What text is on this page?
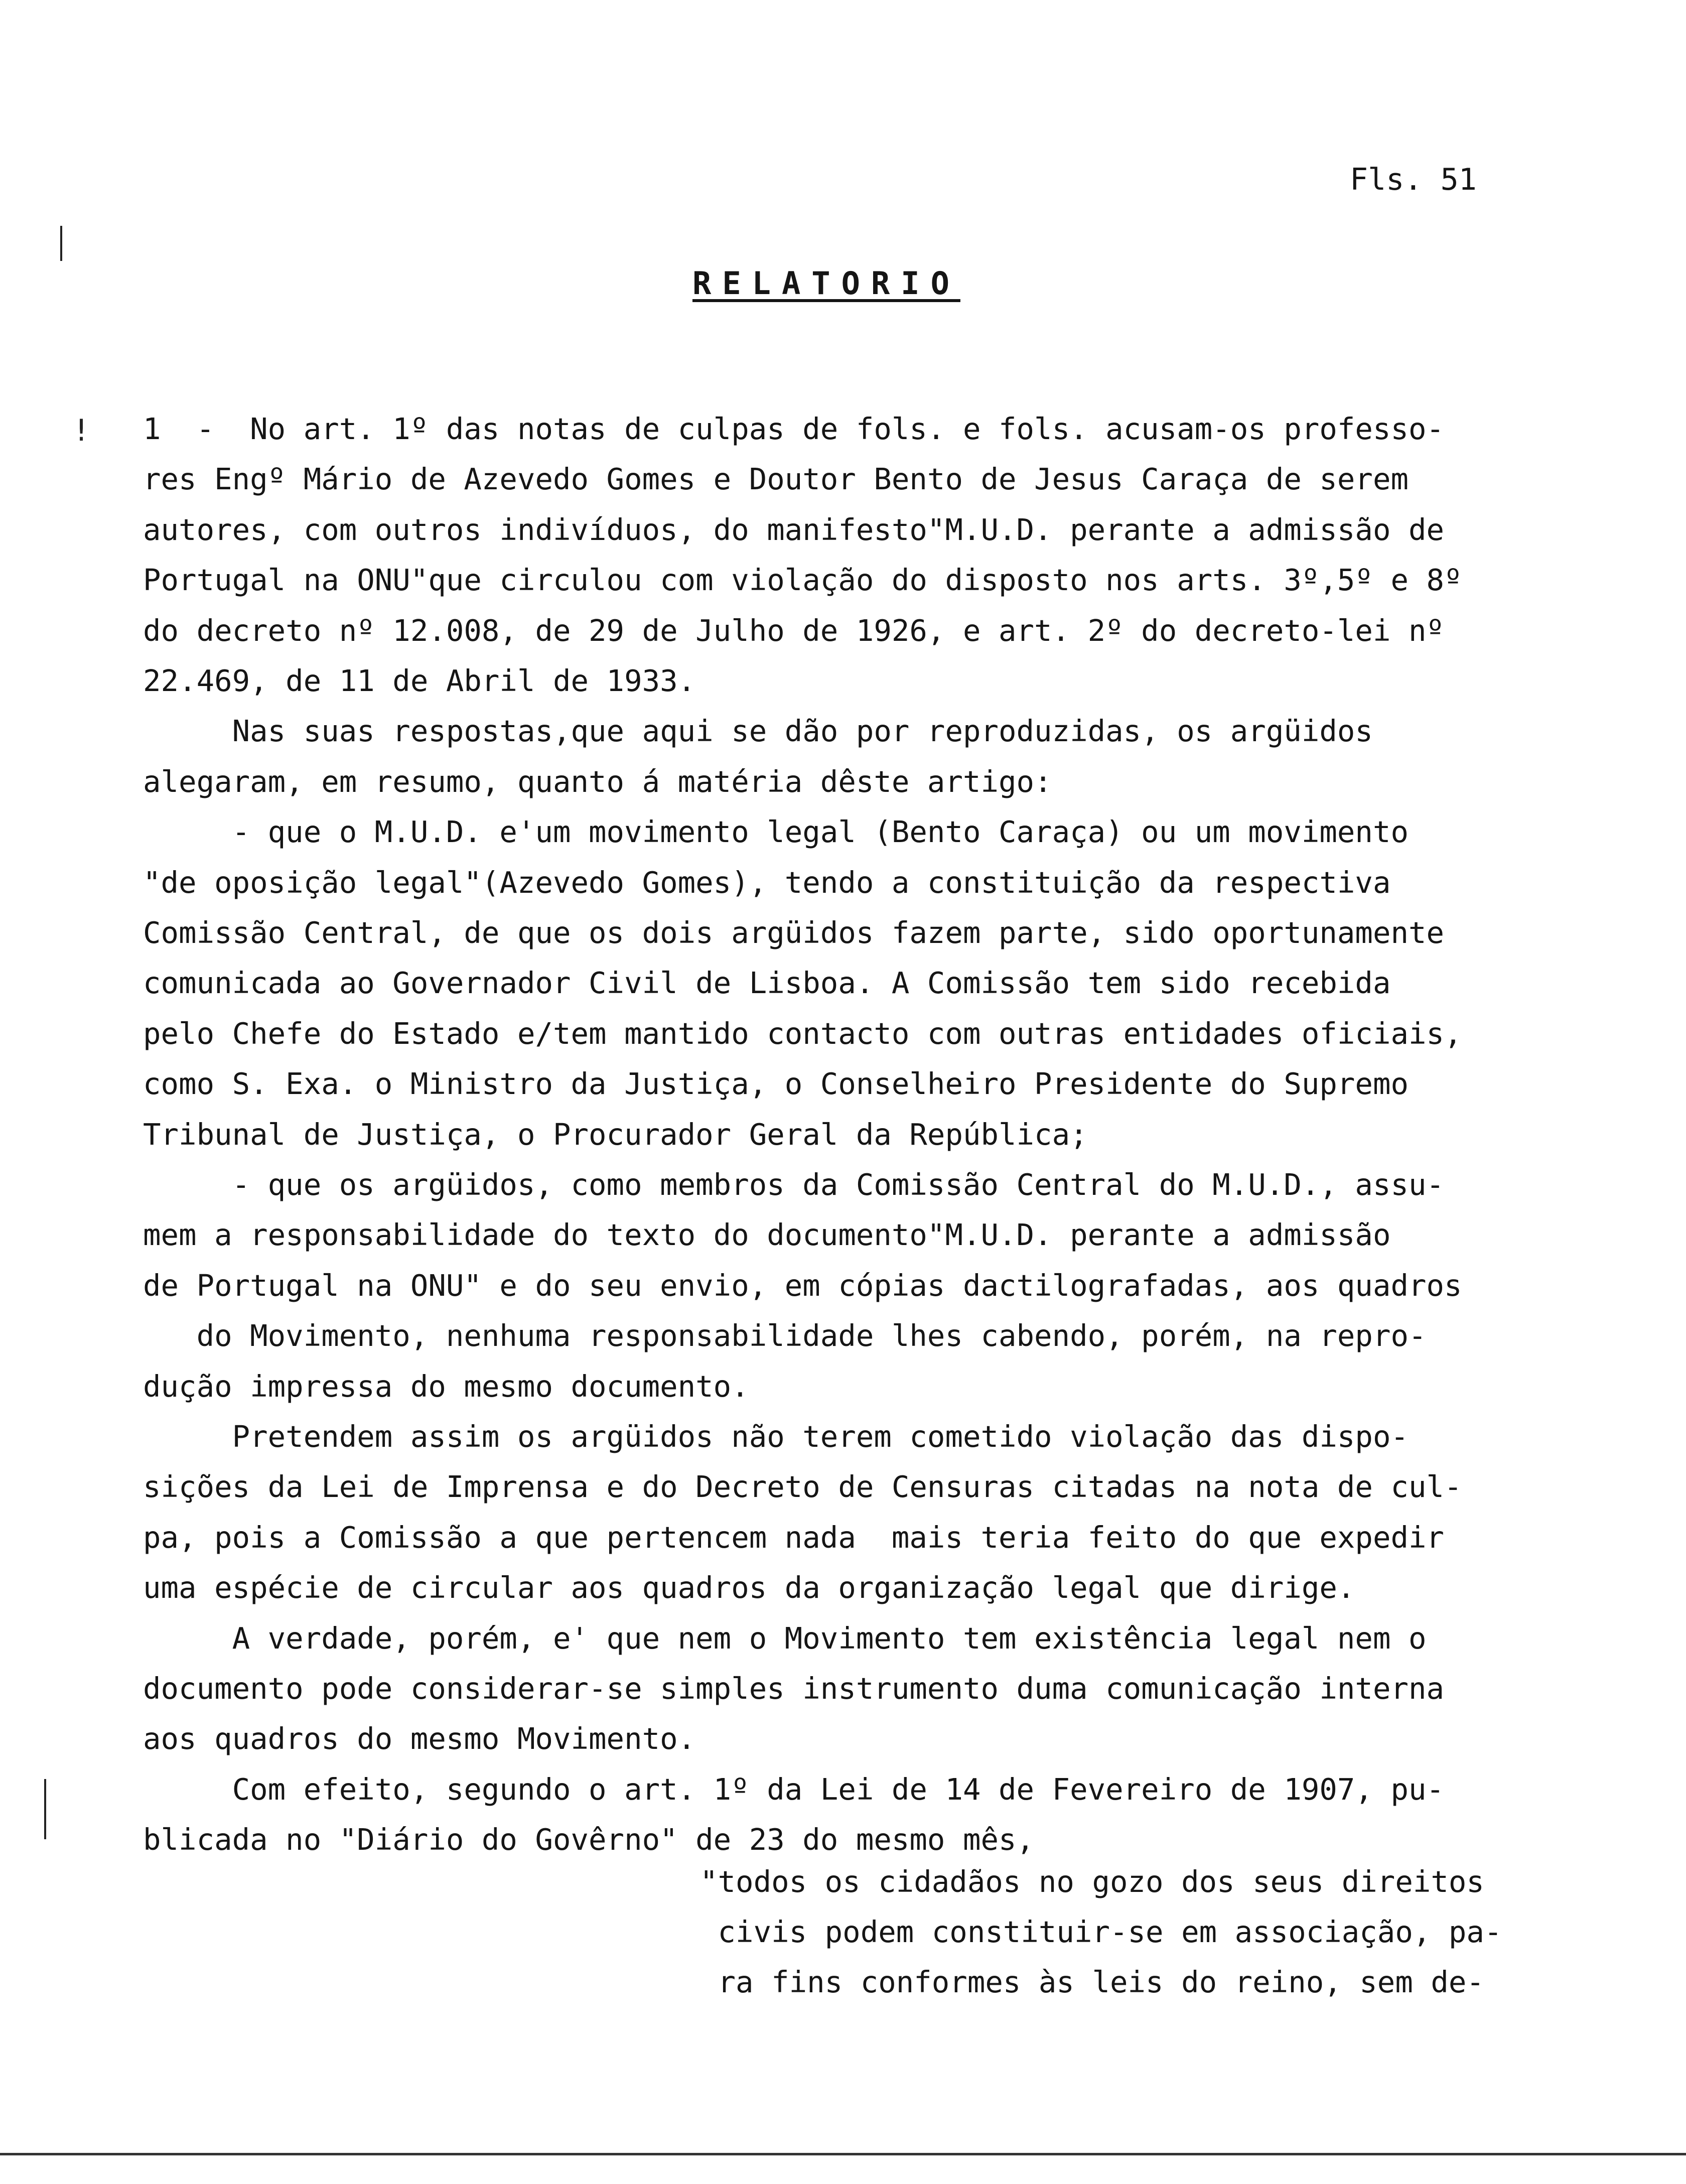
Fls. 51
RELATORIO
! 1  -  No art. 1º das notas de culpas de fols. e fols. acusam-os professo-
res Engº Mário de Azevedo Gomes e Doutor Bento de Jesus Caraça de serem
autores, com outros indivíduos, do manifesto"M.U.D. perante a admissão de
Portugal na ONU"que circulou com violação do disposto nos arts. 3º,5º e 8º
do decreto nº 12.008, de 29 de Julho de 1926, e art. 2º do decreto-lei nº
22.469, de 11 de Abril de 1933.
Nas suas respostas,que aqui se dão por reproduzidas, os argüidos
alegaram, em resumo, quanto á matéria dêste artigo:
- que o M.U.D. e'um movimento legal (Bento Caraça) ou um movimento
"de oposição legal"(Azevedo Gomes), tendo a constituição da respectiva
Comissão Central, de que os dois argüidos fazem parte, sido oportunamente
comunicada ao Governador Civil de Lisboa. A Comissão tem sido recebida
pelo Chefe do Estado e/tem mantido contacto com outras entidades oficiais,
como S. Exa. o Ministro da Justiça, o Conselheiro Presidente do Supremo
Tribunal de Justiça, o Procurador Geral da República;
- que os argüidos, como membros da Comissão Central do M.U.D., assu-
mem a responsabilidade do texto do documento"M.U.D. perante a admissão
de Portugal na ONU" e do seu envio, em cópias dactilografadas, aos quadros
do Movimento, nenhuma responsabilidade lhes cabendo, porém, na repro-
dução impressa do mesmo documento.
Pretendem assim os argüidos não terem cometido violação das dispo-
sições da Lei de Imprensa e do Decreto de Censuras citadas na nota de cul-
pa, pois a Comissão a que pertencem nada  mais teria feito do que expedir
uma espécie de circular aos quadros da organização legal que dirige.
A verdade, porém, e' que nem o Movimento tem existência legal nem o
documento pode considerar-se simples instrumento duma comunicação interna
aos quadros do mesmo Movimento.
Com efeito, segundo o art. 1º da Lei de 14 de Fevereiro de 1907, pu-
blicada no "Diário do Govêrno" de 23 do mesmo mês,
"todos os cidadãos no gozo dos seus direitos
civis podem constituir-se em associação, pa-
ra fins conformes às leis do reino, sem de-
